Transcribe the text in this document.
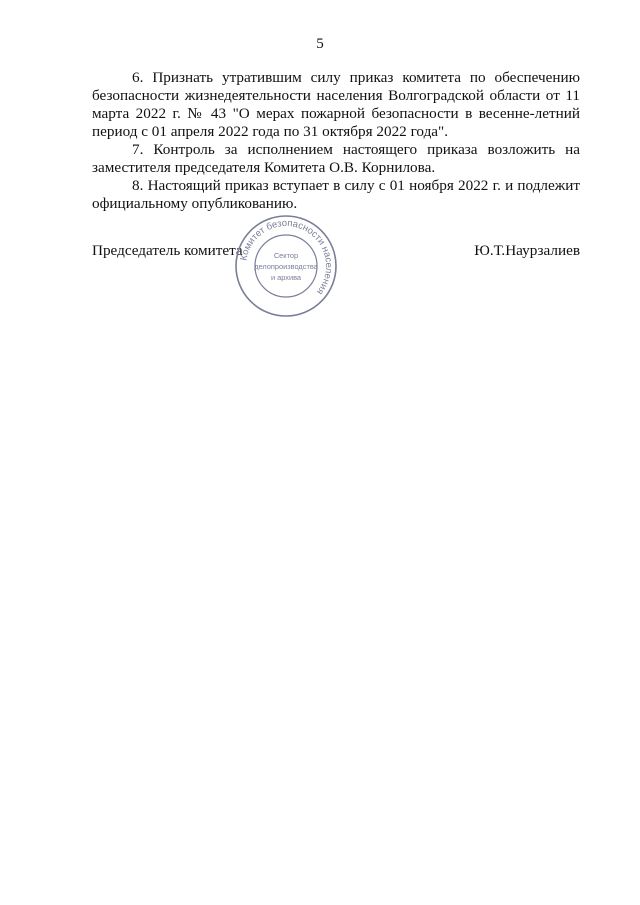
5

6. Признать утратившим силу приказ комитета по обеспечению безопасности жизнедеятельности населения Волгоградской области от 11 марта 2022 г. № 43 "О мерах пожарной безопасности в весенне-летний период с 01 апреля 2022 года по 31 октября 2022 года".

7. Контроль за исполнением настоящего приказа возложить на заместителя председателя Комитета О.В. Корнилова.

8. Настоящий приказ вступает в силу с 01 ноября 2022 г. и подлежит официальному опубликованию.

Председатель комитета	Ю.Т.Наурзалиев
Комитет безопасности населения
Сектор
делопроизводства
и архива
